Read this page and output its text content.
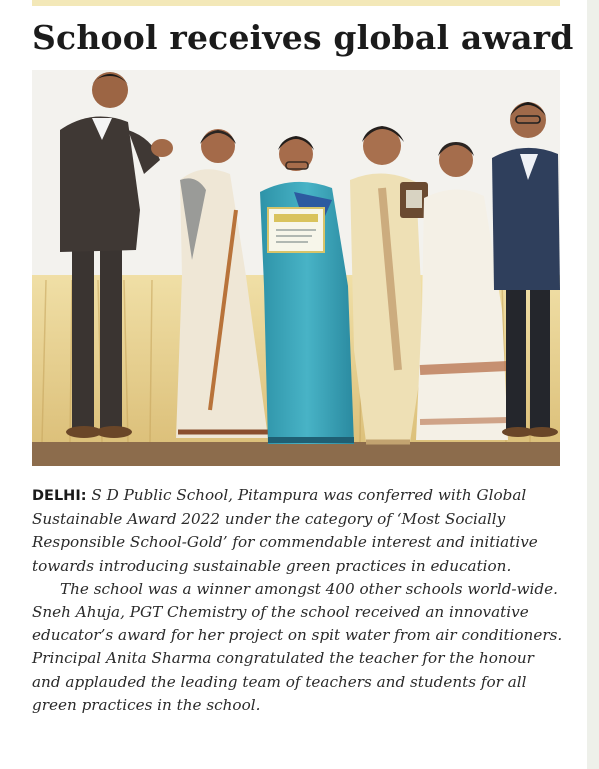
School receives global award

DELHI: S D Public School, Pitampura was conferred with Global Sustainable Award 2022 under the category of ‘Most Socially Responsible School-Gold’ for commendable interest and initiative towards introducing sustainable green practices in education.

The school was a winner amongst 400 other schools world-wide. Sneh Ahuja, PGT Chemistry of the school received an innovative educator’s award for her project on spit water from air conditioners. Principal Anita Sharma congratulated the teacher for the honour and applauded the leading team of teachers and students for all green practices in the school.
